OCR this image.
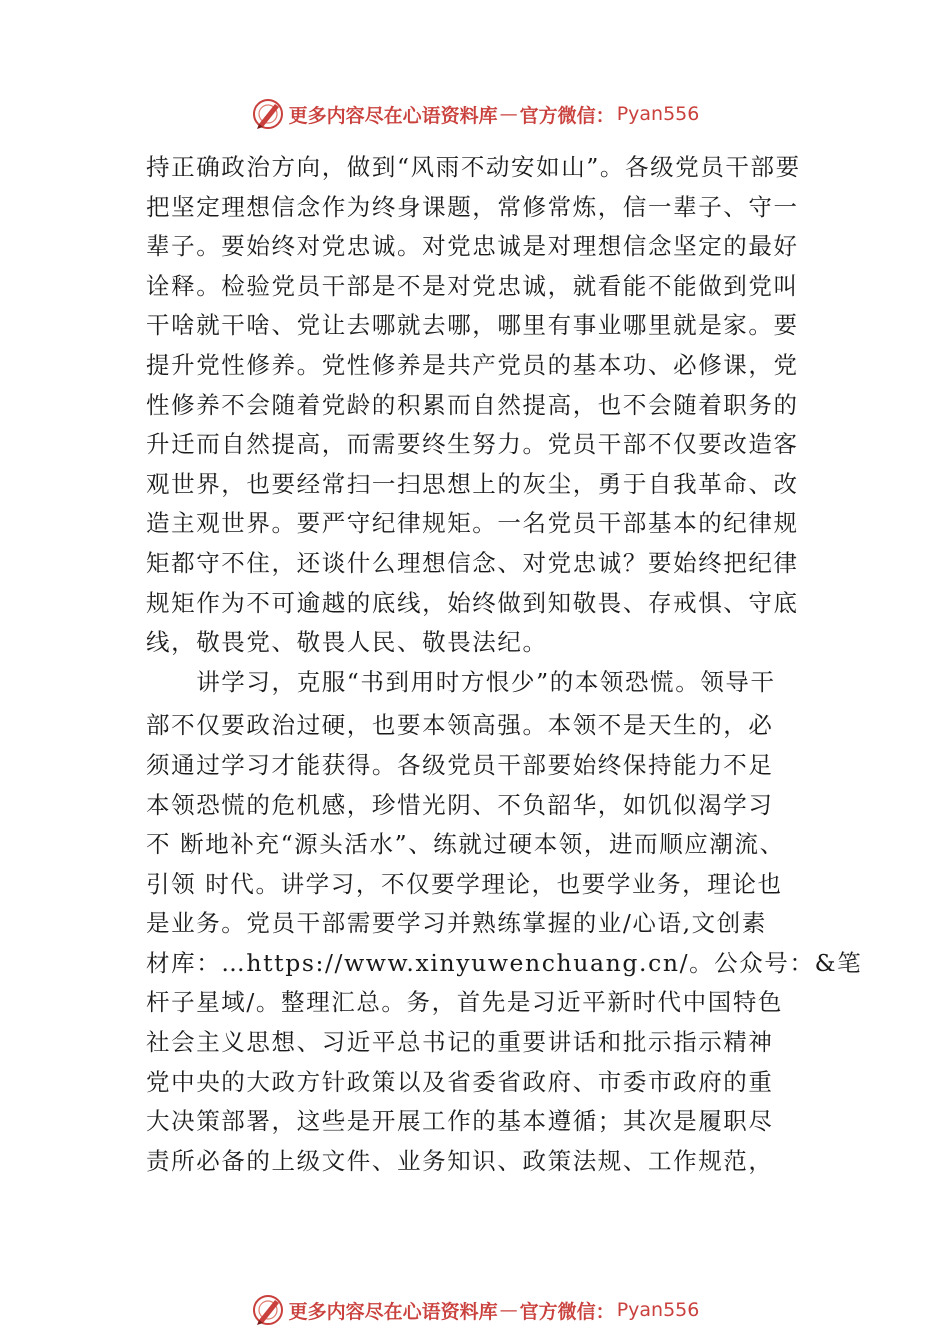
更多内容尽在心语资料库 — 官方微信： Pyan556
持正确政治方向，做到“风雨不动安如山”。各级党员干部要
把坚定理想信念作为终身课题，常修常炼，信一辈子、守一
辈子。要始终对党忠诚。对党忠诚是对理想信念坚定的最好
诠释。检验党员干部是不是对党忠诚，就看能不能做到党叫
干啥就干啥、党让去哪就去哪，哪里有事业哪里就是家。要
提升党性修养。党性修养是共产党员的基本功、必修课，党
性修养不会随着党龄的积累而自然提高，也不会随着职务的
升迁而自然提高，而需要终生努力。党员干部不仅要改造客
观世界，也要经常扫一扫思想上的灰尘，勇于自我革命、改
造主观世界。要严守纪律规矩。一名党员干部基本的纪律规
矩都守不住，还谈什么理想信念、对党忠诚？要始终把纪律
规矩作为不可逾越的底线，始终做到知敬畏、存戒惧、守底
线，敬畏党、敬畏人民、敬畏法纪。
　　讲学习，克服“书到用时方恨少”的本领恐慌。领导干
部不仅要政治过硬，也要本领高强。本领不是天生的，必
须通过学习才能获得。各级党员干部要始终保持能力不足
本领恐慌的危机感，珍惜光阴、不负韶华，如饥似渴学习
不 断地补充“源头活水”、练就过硬本领，进而顺应潮流、
引领 时代。讲学习，不仅要学理论，也要学业务，理论也
是业务。党员干部需要学习并熟练掌握的业/心语,文创素
材库：…https://www.xinyuwenchuang.cn/。公众号：&笔
杆子星域/。整理汇总。务，首先是习近平新时代中国特色
社会主义思想、习近平总书记的重要讲话和批示指示精神
党中央的大政方针政策以及省委省政府、市委市政府的重
大决策部署，这些是开展工作的基本遵循；其次是履职尽
责所必备的上级文件、业务知识、政策法规、工作规范，
更多内容尽在心语资料库 — 官方微信： Pyan556
